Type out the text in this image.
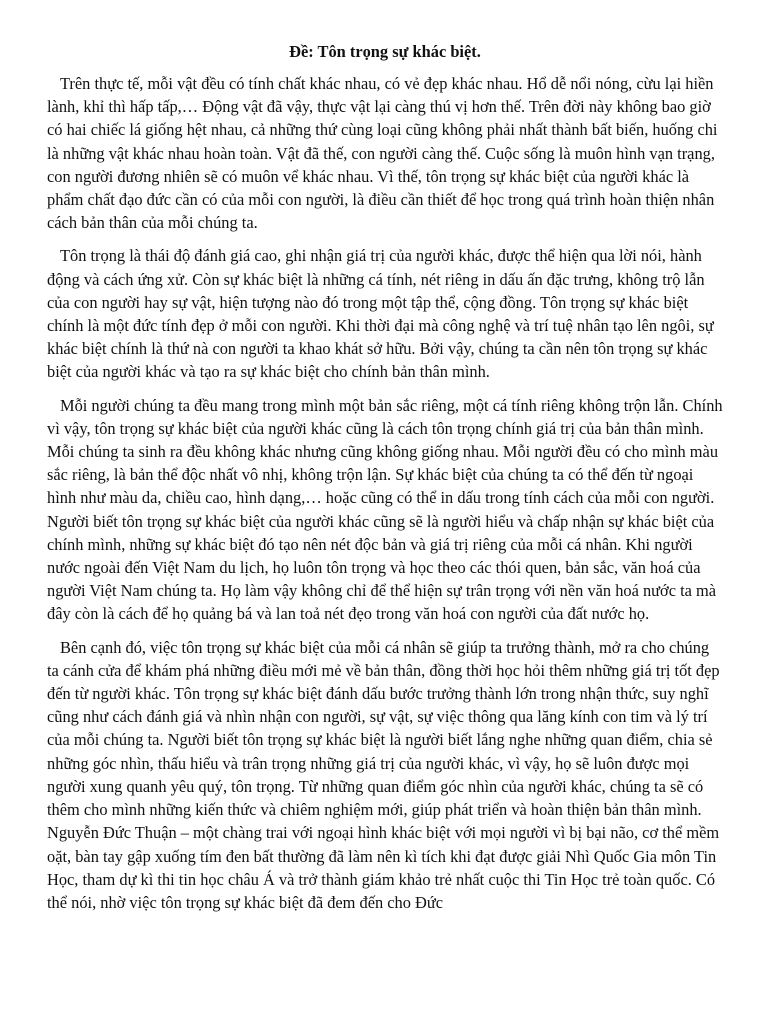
Đề: Tôn trọng sự khác biệt.

Trên thực tế, mỗi vật đều có tính chất khác nhau, có vẻ đẹp khác nhau. Hổ dễ nổi nóng, cừu lại hiền lành, khỉ thì hấp tấp,… Động vật đã vậy, thực vật lại càng thú vị hơn thế. Trên đời này không bao giờ có hai chiếc lá giống hệt nhau, cả những thứ cùng loại cũng không phải nhất thành bất biến, huống chi là những vật khác nhau hoàn toàn. Vật đã thế, con người càng thế. Cuộc sống là muôn hình vạn trạng, con người đương nhiên sẽ có muôn vể khác nhau. Vì thế, tôn trọng sự khác biệt của người khác là phẩm chất đạo đức cần có của mỗi con người, là điều cần thiết để học trong quá trình hoàn thiện nhân cách bản thân của mỗi chúng ta.

Tôn trọng là thái độ đánh giá cao, ghi nhận giá trị của người khác, được thể hiện qua lời nói, hành động và cách ứng xử. Còn sự khác biệt là những cá tính, nét riêng in dấu ấn đặc trưng, không trộ lẫn của con người hay sự vật, hiện tượng nào đó trong một tập thể, cộng đồng. Tôn trọng sự khác biệt chính là một đức tính đẹp ở mỗi con người. Khi thời đại mà công nghệ và trí tuệ nhân tạo lên ngôi, sự khác biệt chính là thứ nà con người ta khao khát sở hữu. Bởi vậy, chúng ta cần nên tôn trọng sự khác biệt của người khác và tạo ra sự khác biệt cho chính bản thân mình.

Mỗi người chúng ta đều mang trong mình một bản sắc riêng, một cá tính riêng không trộn lẫn. Chính vì vậy, tôn trọng sự khác biệt của người khác cũng là cách tôn trọng chính giá trị của bản thân mình. Mỗi chúng ta sinh ra đều không khác nhưng cũng không giống nhau. Mỗi người đều có cho mình màu sắc riêng, là bản thể độc nhất vô nhị, không trộn lận. Sự khác biệt của chúng ta có thể đến từ ngoại hình như màu da, chiều cao, hình dạng,… hoặc cũng có thể in dấu trong tính cách của mỗi con người. Người biết tôn trọng sự khác biệt của người khác cũng sẽ là người hiểu và chấp nhận sự khác biệt của chính mình, những sự khác biệt đó tạo nên nét độc bản và giá trị riêng của mỗi cá nhân. Khi người nước ngoài đến Việt Nam du lịch, họ luôn tôn trọng và học theo các thói quen, bản sắc, văn hoá của người Việt Nam chúng ta. Họ làm vậy không chỉ để thể hiện sự trân trọng với nền văn hoá nước ta mà đây còn là cách để họ quảng bá và lan toả nét đẹo trong văn hoá con người của đất nước họ.

Bên cạnh đó, việc tôn trọng sự khác biệt của mỗi cá nhân sẽ giúp ta trưởng thành, mở ra cho chúng ta cánh cửa để khám phá những điều mới mẻ về bản thân, đồng thời học hỏi thêm những giá trị tốt đẹp đến từ người khác. Tôn trọng sự khác biệt đánh dấu bước trưởng thành lớn trong nhận thức, suy nghĩ cũng như cách đánh giá và nhìn nhận con người, sự vật, sự việc thông qua lăng kính con tim và lý trí của mỗi chúng ta. Người biết tôn trọng sự khác biệt là người biết lắng nghe những quan điểm, chia sẻ những góc nhìn, thấu hiểu và trân trọng những giá trị của người khác, vì vậy, họ sẽ luôn được mọi người xung quanh yêu quý, tôn trọng. Từ những quan điểm góc nhìn của người khác, chúng ta sẽ có thêm cho mình những kiến thức và chiêm nghiệm mới, giúp phát triển và hoàn thiện bản thân mình. Nguyễn Đức Thuận – một chàng trai với ngoại hình khác biệt với mọi người vì bị bại não, cơ thể mềm oặt, bàn tay gập xuống tím đen bất thường đã làm nên kì tích khi đạt được giải Nhì Quốc Gia môn Tin Học, tham dự kì thi tin học châu Á và trở thành giám khảo trẻ nhất cuộc thi Tin Học trẻ toàn quốc. Có thể nói, nhờ việc tôn trọng sự khác biệt đã đem đến cho Đức
